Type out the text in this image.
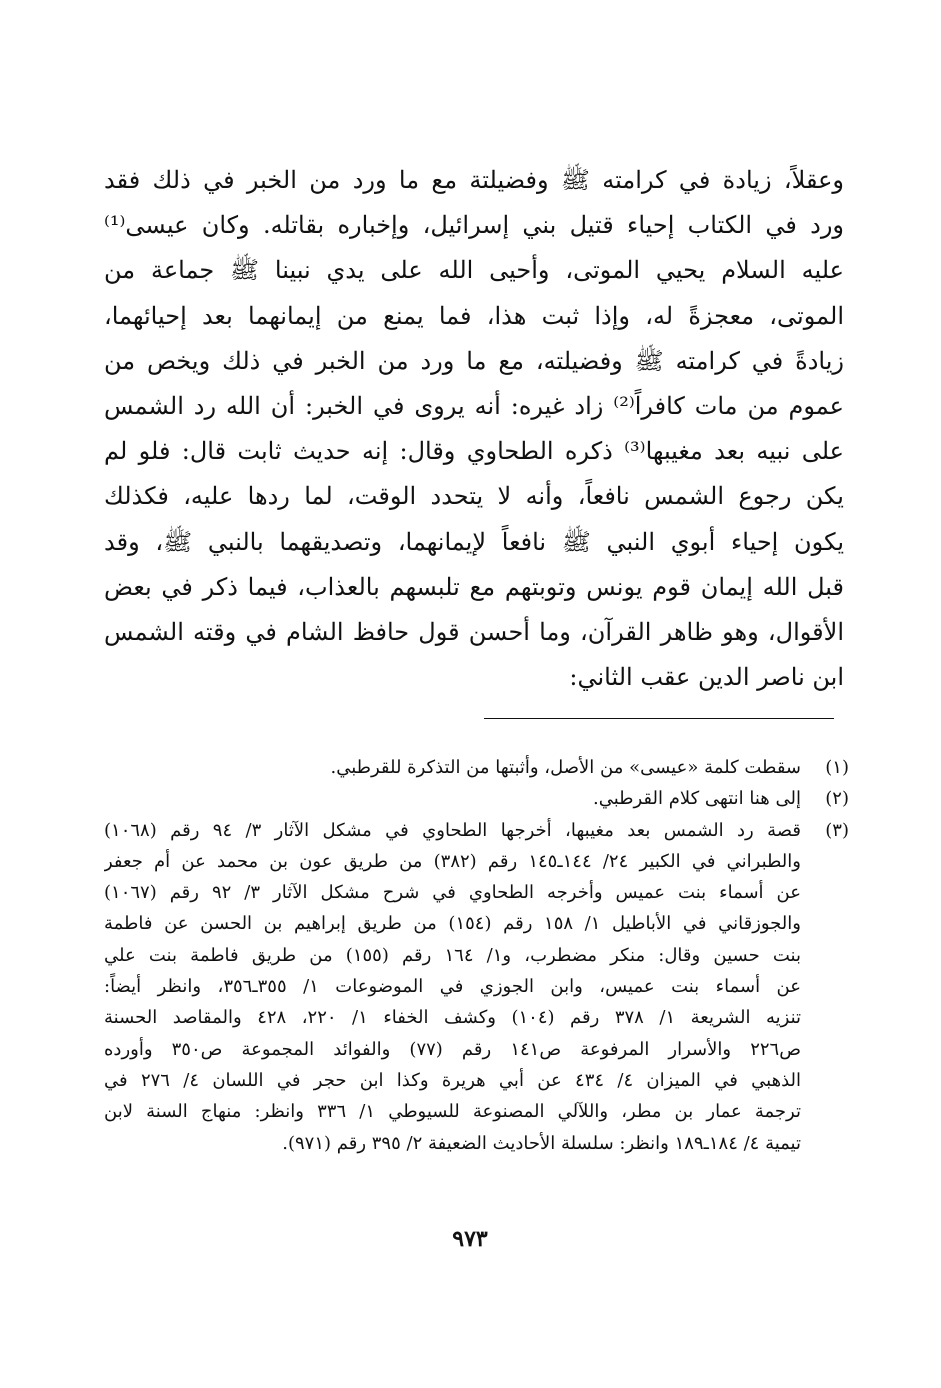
وعقلاً، زيادة في كرامته ﷺ وفضيلتة مع ما ورد من الخبر في ذلك فقد
ورد في الكتاب إحياء قتيل بني إسرائيل، وإخباره بقاتله. وكان عيسى⁽¹⁾
عليه السلام يحيي الموتى، وأحيى الله على يدي نبينا ﷺ جماعة من
الموتى، معجزةً له، وإذا ثبت هذا، فما يمنع من إيمانهما بعد إحيائهما،
زيادةً في كرامته ﷺ وفضيلته، مع ما ورد من الخبر في ذلك ويخص من
عموم من مات كافراً⁽²⁾ زاد غيره: أنه يروى في الخبر: أن الله رد الشمس
على نبيه بعد مغيبها⁽³⁾ ذكره الطحاوي وقال: إنه حديث ثابت قال: فلو لم
يكن رجوع الشمس نافعاً، وأنه لا يتحدد الوقت، لما ردها عليه، فكذلك
يكون إحياء أبوي النبي ﷺ نافعاً لإيمانهما، وتصديقهما بالنبي ﷺ، وقد
قبل الله إيمان قوم يونس وتوبتهم مع تلبسهم بالعذاب، فيما ذكر في بعض
الأقوال، وهو ظاهر القرآن، وما أحسن قول حافظ الشام في وقته الشمس
ابن ناصر الدين عقب الثاني:
(١)
سقطت كلمة «عيسى» من الأصل، وأثبتها من التذكرة للقرطبي.
(٢)
إلى هنا انتهى كلام القرطبي.
(٣)
قصة رد الشمس بعد مغيبها، أخرجها الطحاوي في مشكل الآثار ٣/ ٩٤ رقم (١٠٦٨)
والطبراني في الكبير ٢٤/ ١٤٤ـ١٤٥ رقم (٣٨٢) من طريق عون بن محمد عن أم جعفر
عن أسماء بنت عميس وأخرجه الطحاوي في شرح مشكل الآثار ٣/ ٩٢ رقم (١٠٦٧)
والجوزقاني في الأباطيل ١/ ١٥٨ رقم (١٥٤) من طريق إبراهيم بن الحسن عن فاطمة
بنت حسين وقال: منكر مضطرب، و١/ ١٦٤ رقم (١٥٥) من طريق فاطمة بنت علي
عن أسماء بنت عميس، وابن الجوزي في الموضوعات ١/ ٣٥٥ـ٣٥٦، وانظر أيضاً:
تنزيه الشريعة ١/ ٣٧٨ رقم (١٠٤) وكشف الخفاء ١/ ٢٢٠، ٤٢٨ والمقاصد الحسنة
ص٢٢٦ والأسرار المرفوعة ص١٤١ رقم (٧٧) والفوائد المجموعة ص٣٥٠ وأورده
الذهبي في الميزان ٤/ ٤٣٤ عن أبي هريرة وكذا ابن حجر في اللسان ٤/ ٢٧٦ في
ترجمة عمار بن مطر، واللآلي المصنوعة للسيوطي ١/ ٣٣٦ وانظر: منهاج السنة لابن
تيمية ٤/ ١٨٤ـ١٨٩ وانظر: سلسلة الأحاديث الضعيفة ٢/ ٣٩٥ رقم (٩٧١).
٩٧٣
